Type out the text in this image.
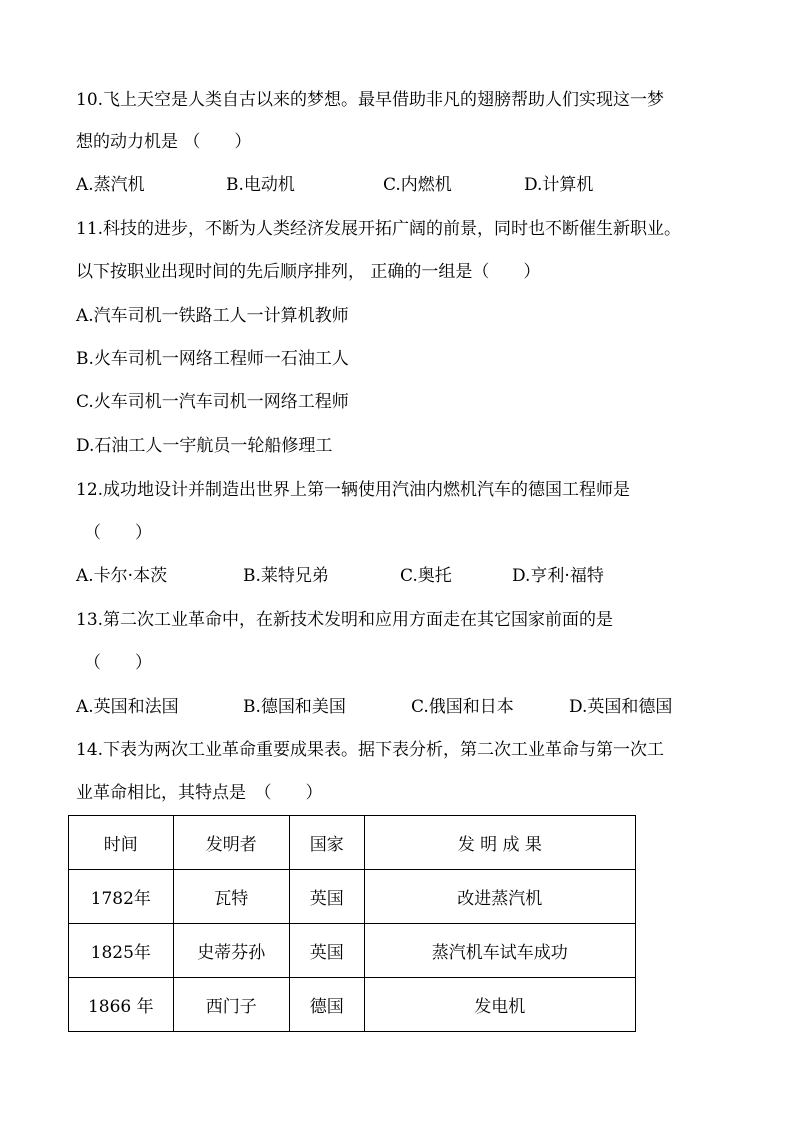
10.飞上天空是人类自古以来的梦想。最早借助非凡的翅膀帮助人们实现这一梦
想的动力机是 （　　）
A.蒸汽机	B.电动机	C.内燃机	D.计算机
11.科技的进步，不断为人类经济发展开拓广阔的前景，同时也不断催生新职业。
以下按职业出现时间的先后顺序排列， 正确的一组是（　　）
A.汽车司机一铁路工人一计算机教师
B.火车司机一网络工程师一石油工人
C.火车司机一汽车司机一网络工程师
D.石油工人一宇航员一轮船修理工
12.成功地设计并制造出世界上第一辆使用汽油内燃机汽车的德国工程师是
（　　）
A.卡尔·本茨	B.莱特兄弟	C.奥托	D.亨利·福特
13.第二次工业革命中，在新技术发明和应用方面走在其它国家前面的是
（　　）
A.英国和法国	B.德国和美国	C.俄国和日本	D.英国和德国
14.下表为两次工业革命重要成果表。据下表分析，第二次工业革命与第一次工
业革命相比，其特点是　（　　）
时间	发明者	国家	发 明 成 果
1782年	瓦特	英国	改进蒸汽机
1825年	史蒂芬孙	英国	蒸汽机车试车成功
1866 年	西门子	德国	发电机
